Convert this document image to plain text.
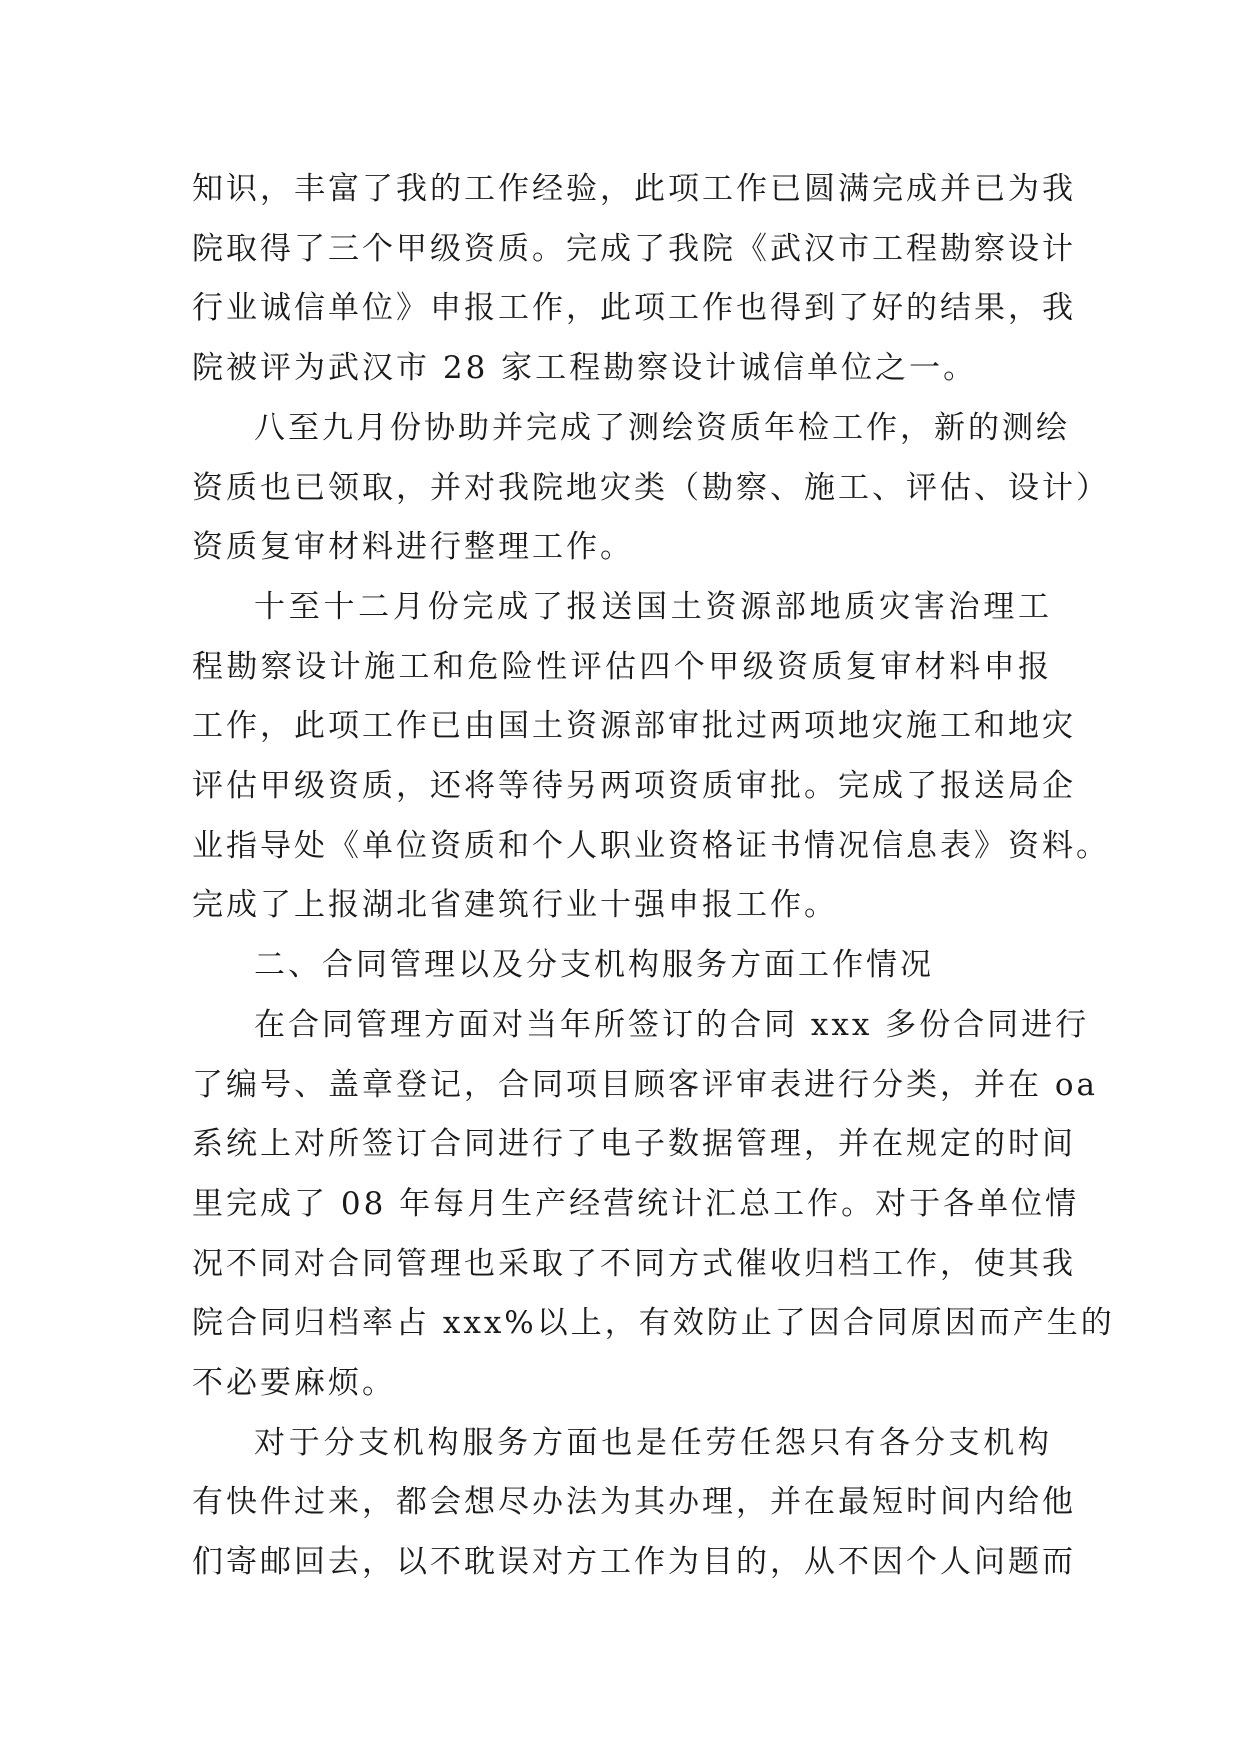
知识，丰富了我的工作经验，此项工作已圆满完成并已为我
院取得了三个甲级资质。完成了我院《武汉市工程勘察设计
行业诚信单位》申报工作，此项工作也得到了好的结果，我
院被评为武汉市 28 家工程勘察设计诚信单位之一。
八至九月份协助并完成了测绘资质年检工作，新的测绘
资质也已领取，并对我院地灾类（勘察、施工、评估、设计）
资质复审材料进行整理工作。
十至十二月份完成了报送国土资源部地质灾害治理工
程勘察设计施工和危险性评估四个甲级资质复审材料申报
工作，此项工作已由国土资源部审批过两项地灾施工和地灾
评估甲级资质，还将等待另两项资质审批。完成了报送局企
业指导处《单位资质和个人职业资格证书情况信息表》资料。
完成了上报湖北省建筑行业十强申报工作。
二、合同管理以及分支机构服务方面工作情况
在合同管理方面对当年所签订的合同 xxx 多份合同进行
了编号、盖章登记，合同项目顾客评审表进行分类，并在 oa
系统上对所签订合同进行了电子数据管理，并在规定的时间
里完成了 08 年每月生产经营统计汇总工作。对于各单位情
况不同对合同管理也采取了不同方式催收归档工作，使其我
院合同归档率占 xxx%以上，有效防止了因合同原因而产生的
不必要麻烦。
对于分支机构服务方面也是任劳任怨只有各分支机构
有快件过来，都会想尽办法为其办理，并在最短时间内给他
们寄邮回去，以不耽误对方工作为目的，从不因个人问题而
